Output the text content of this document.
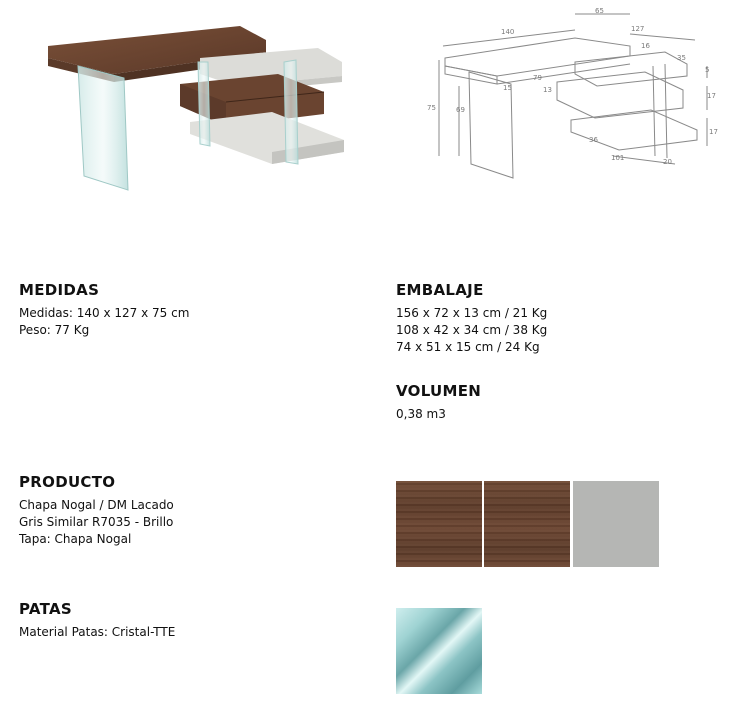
140
65
127
16
35
5
75	69
15
79
13
17
17
36
101	20

MEDIDAS

Medidas: 140 x 127 x 75 cm

Peso: 77 Kg

EMBALAJE

156 x 72 x 13 cm / 21 Kg

108 x 42 x 34 cm / 38 Kg

74 x 51 x 15 cm / 24 Kg

VOLUMEN

0,38 m3

PRODUCTO

Chapa Nogal / DM Lacado

Gris Similar R7035 - Brillo

Tapa: Chapa Nogal

PATAS

Material Patas: Cristal-TTE
